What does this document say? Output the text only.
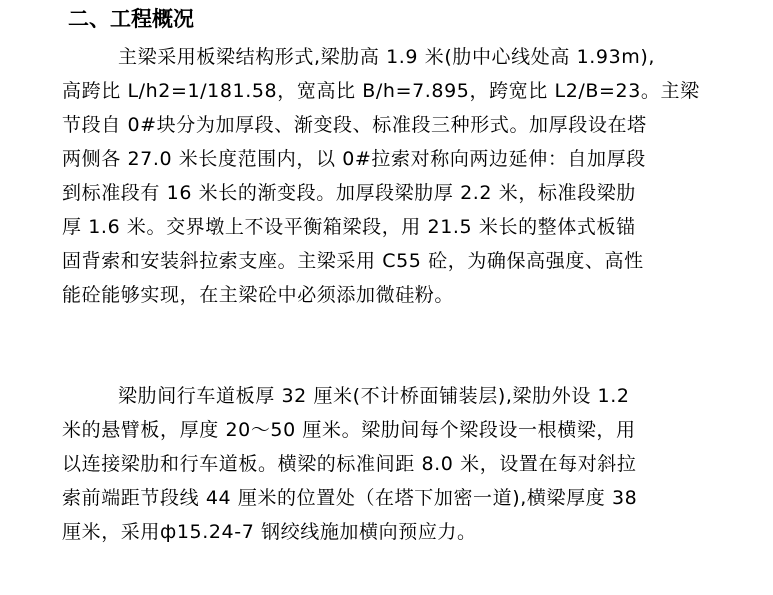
二、工程概况
主梁采用板梁结构形式,梁肋高 1.9 米(肋中心线处高 1.93m),
高跨比 L/h2=1/181.58，宽高比 B/h=7.895，跨宽比 L2/B=23。主梁
节段自 0#块分为加厚段、渐变段、标准段三种形式。加厚段设在塔
两侧各 27.0 米长度范围内，以 0#拉索对称向两边延伸：自加厚段
到标准段有 16 米长的渐变段。加厚段梁肋厚 2.2 米，标准段梁肋
厚 1.6 米。交界墩上不设平衡箱梁段，用 21.5 米长的整体式板锚
固背索和安装斜拉索支座。主梁采用 C55 砼，为确保高强度、高性
能砼能够实现，在主梁砼中必须添加微硅粉。
梁肋间行车道板厚 32 厘米(不计桥面铺装层),梁肋外设 1.2
米的悬臂板，厚度 20～50 厘米。梁肋间每个梁段设一根横梁，用
以连接梁肋和行车道板。横梁的标准间距 8.0 米，设置在每对斜拉
索前端距节段线 44 厘米的位置处（在塔下加密一道),横梁厚度 38
厘米，采用ф15.24-7 钢绞线施加横向预应力。
